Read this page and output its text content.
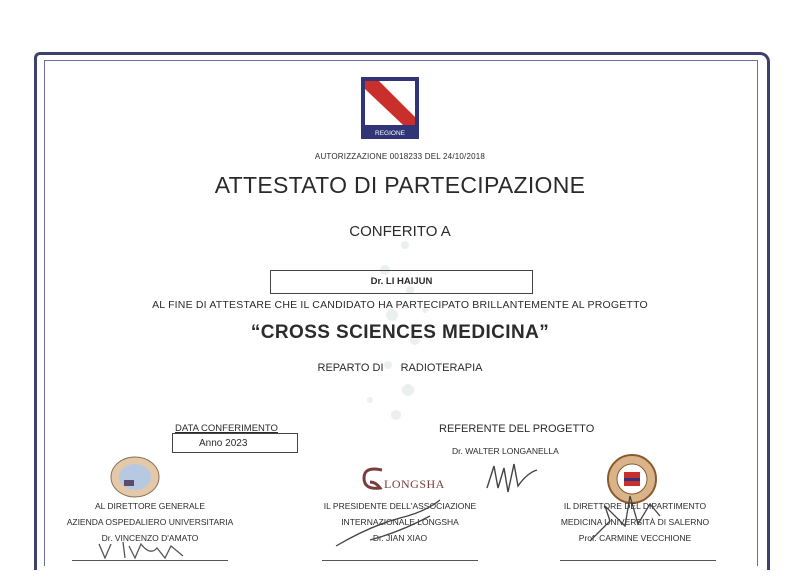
REGIONE CAMPANIA
AUTORIZZAZIONE 0018233 DEL 24/10/2018
ATTESTATO DI PARTECIPAZIONE
CONFERITO A
Dr. LI HAIJUN
AL FINE DI ATTESTARE CHE IL CANDIDATO HA PARTECIPATO BRILLANTEMENTE AL PROGETTO
“CROSS SCIENCES MEDICINA”
REPARTO DI RADIOTERAPIA
DATA CONFERIMENTO
Anno 2023
REFERENTE DEL PROGETTO
Dr. WALTER LONGANELLA
LONGSHA
AL DIRETTORE GENERALE
AZIENDA OSPEDALIERO UNIVERSITARIA
Dr. VINCENZO D'AMATO
IL PRESIDENTE DELL'ASSOCIAZIONE
INTERNAZIONALE LONGSHA
Dr. JIAN XIAO
IL DIRETTORE DEL DIPARTIMENTO
MEDICINA UNIVERSITÀ DI SALERNO
Prof. CARMINE VECCHIONE
